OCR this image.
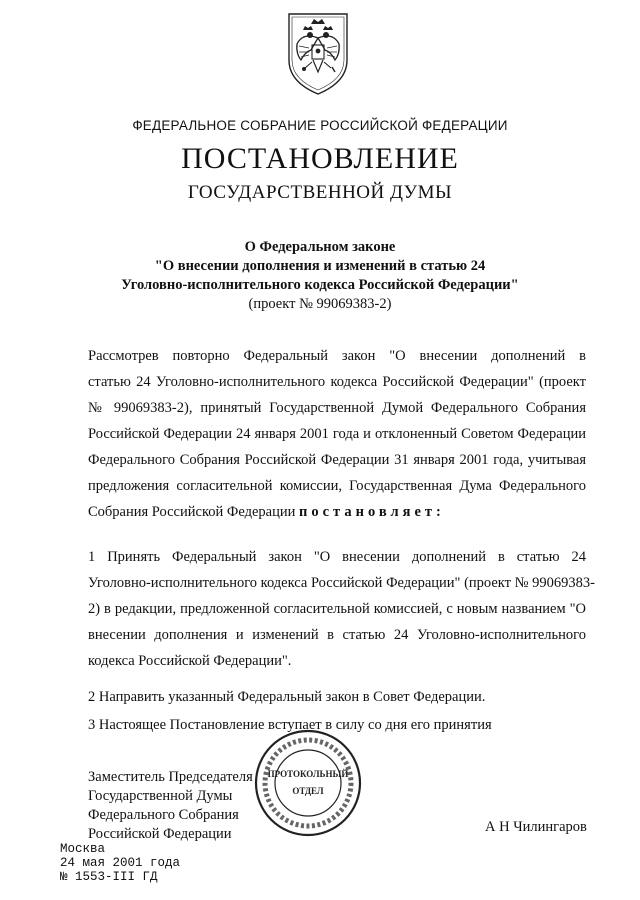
ФЕДЕРАЛЬНОЕ СОБРАНИЕ РОССИЙСКОЙ ФЕДЕРАЦИИ
ПОСТАНОВЛЕНИЕ
ГОСУДАРСТВЕННОЙ ДУМЫ
О Федеральном законе
"О внесении дополнения и изменений в статью 24
Уголовно-исполнительного кодекса Российской Федерации"
(проект № 99069383-2)
Рассмотрев повторно Федеральный закон "О внесении дополнений в
статью 24 Уголовно-исполнительного кодекса Российской Федерации" (проект
№ 99069383-2), принятый Государственной Думой Федерального Собрания
Российской Федерации 24 января 2001 года и отклоненный Советом Федерации
Федерального Собрания Российской Федерации 31 января 2001 года, учитывая
предложения согласительной комиссии, Государственная Дума Федерального
Собрания Российской Федерации постановляет:
1 Принять Федеральный закон "О внесении дополнений в статью 24
Уголовно-исполнительного кодекса Российской Федерации" (проект № 99069383-
2) в редакции, предложенной согласительной комиссией, с новым названием "О
внесении дополнения и изменений в статью 24 Уголовно-исполнительного
кодекса Российской Федерации".
2 Направить указанный Федеральный закон в Совет Федерации.
3 Настоящее Постановление вступает в силу со дня его принятия
ПРОТОКОЛЬНЫЙ
ОТДЕЛ
Заместитель Председателя
Государственной Думы
Федерального Собрания
Российской Федерации	А Н Чилингаров
Москва
24 мая 2001 года
№ 1553-III ГД
